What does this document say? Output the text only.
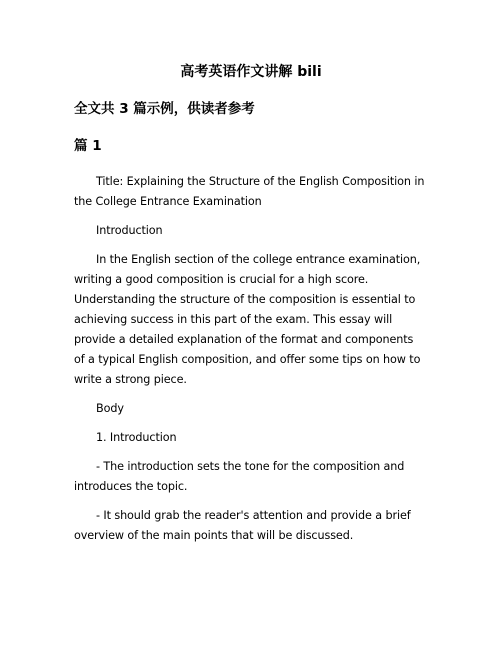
高考英语作文讲解 bili
全文共 3 篇示例，供读者参考
篇 1

Title: Explaining the Structure of the English Composition in the College Entrance Examination

Introduction

In the English section of the college entrance examination, writing a good composition is crucial for a high score. Understanding the structure of the composition is essential to achieving success in this part of the exam. This essay will provide a detailed explanation of the format and components of a typical English composition, and offer some tips on how to write a strong piece.

Body

1. Introduction

- The introduction sets the tone for the composition and introduces the topic.

- It should grab the reader's attention and provide a brief overview of the main points that will be discussed.
